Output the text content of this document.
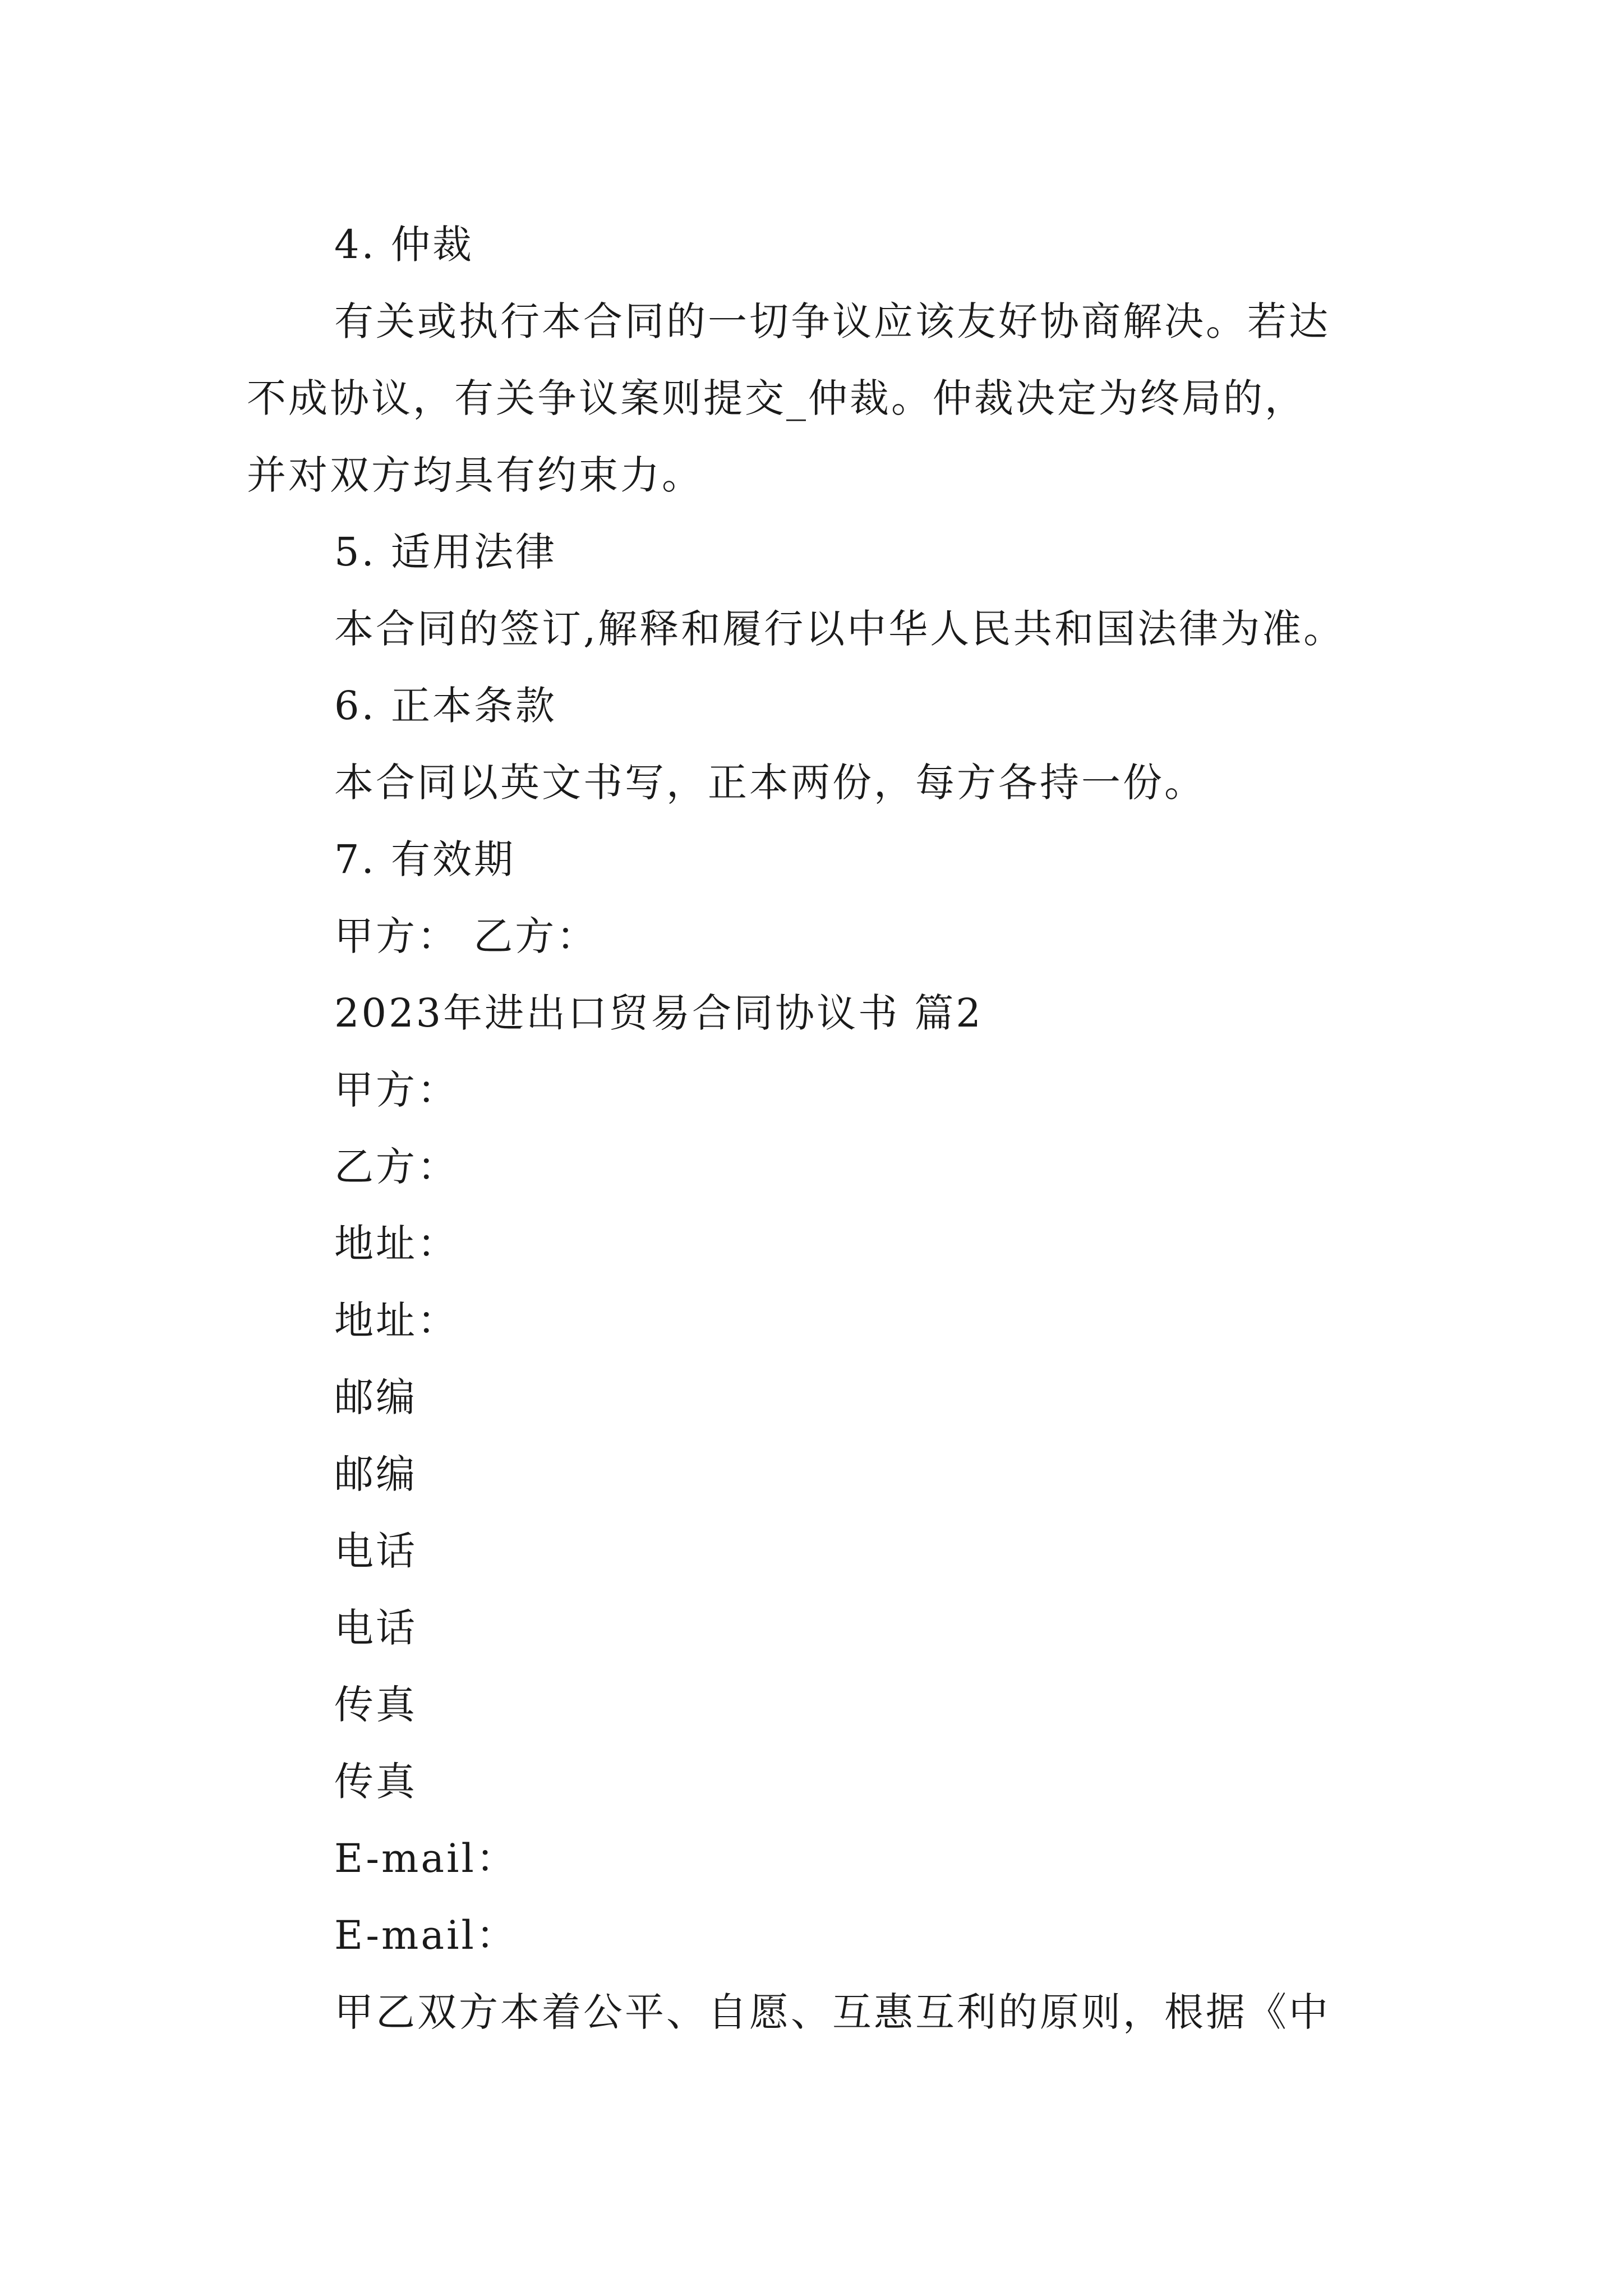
4. 仲裁
有关或执行本合同的一切争议应该友好协商解决。若达
不成协议，有关争议案则提交_仲裁。仲裁决定为终局的，
并对双方均具有约束力。
5. 适用法律
本合同的签订,解释和履行以中华人民共和国法律为准。
6. 正本条款
本合同以英文书写，正本两份，每方各持一份。
7. 有效期
甲方： 乙方：
2023年进出口贸易合同协议书 篇2
甲方：
乙方：
地址：
地址：
邮编
邮编
电话
电话
传真
传真
E-mail：
E-mail：
甲乙双方本着公平、自愿、互惠互利的原则，根据《中
